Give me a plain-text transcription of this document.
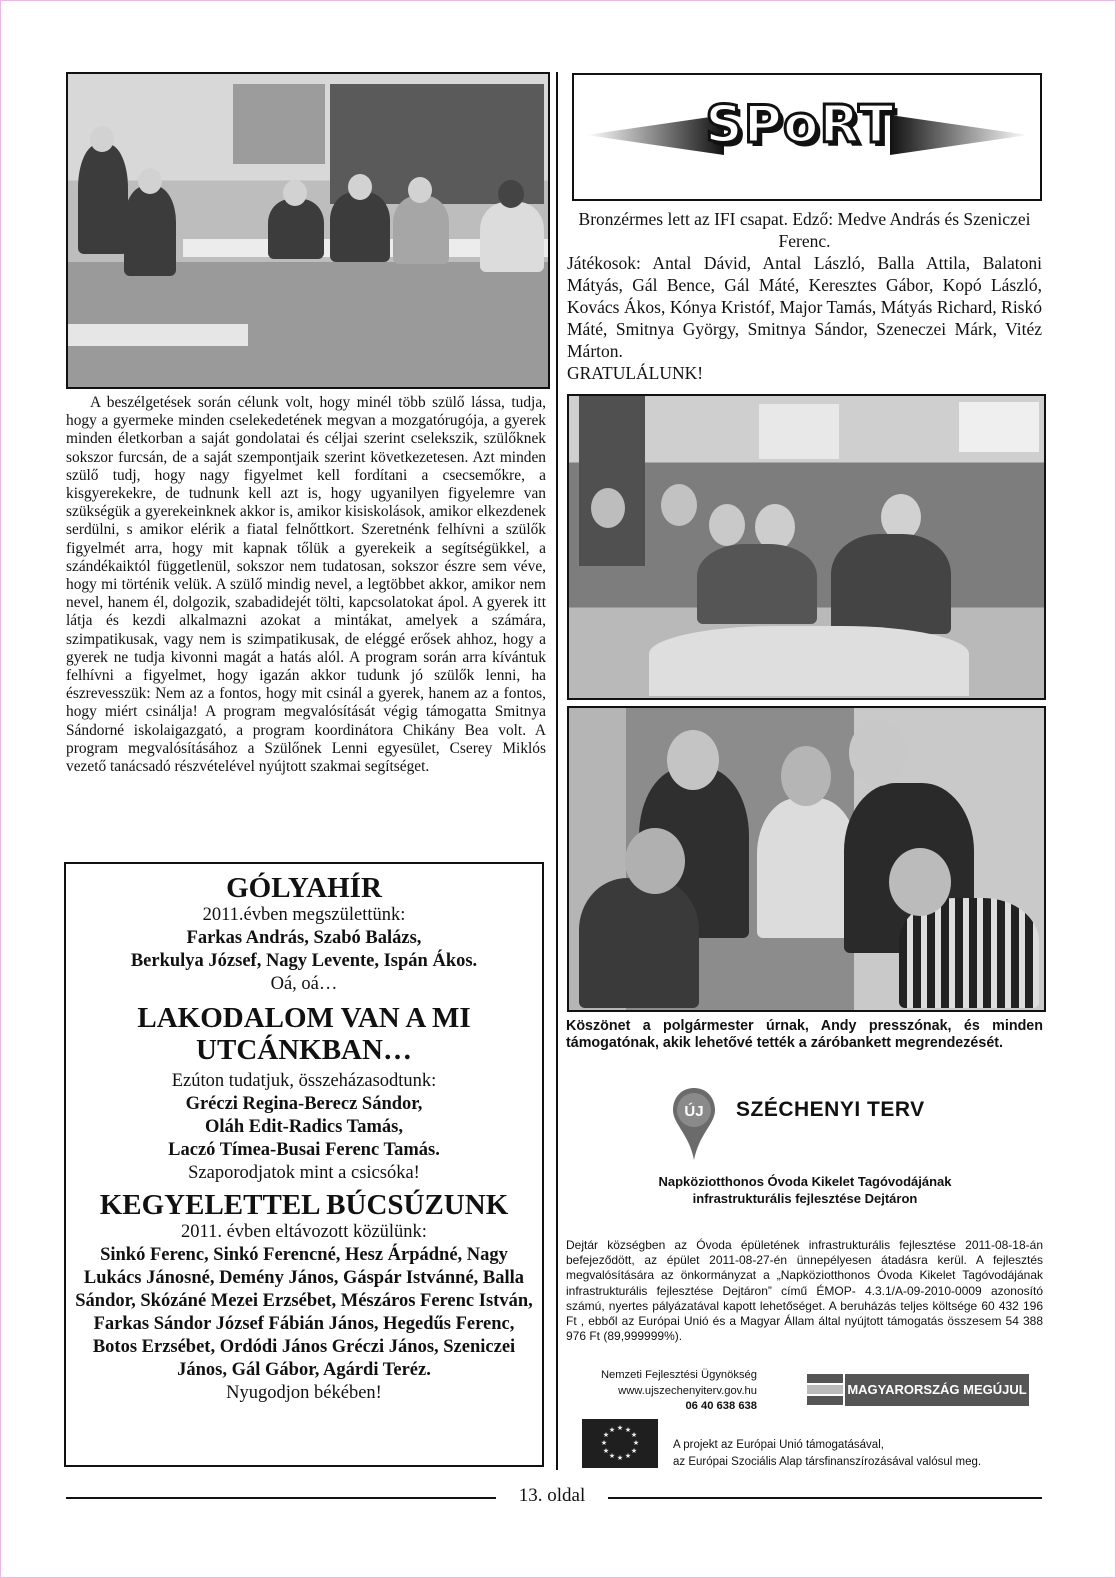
A beszélgetések során célunk volt, hogy minél több szülő lássa, tudja, hogy a gyermeke minden cselekedetének megvan a mozgatórugója, a gyerek minden életkorban a saját gondolatai és céljai szerint cselekszik, szülőknek sokszor furcsán, de a saját szempontjaik szerint következetesen. Azt minden szülő tudj, hogy nagy figyelmet kell fordítani a csecsemőkre, a kisgyerekekre, de tudnunk kell azt is, hogy ugyanilyen figyelemre van szükségük a gyerekeinknek akkor is, amikor kisiskolások, amikor elkezdenek serdülni, s amikor elérik a fiatal felnőttkort. Szeretnénk felhívni a szülők figyelmét arra, hogy mit kapnak tőlük a gyerekeik a segítségükkel, a szándékaiktól függetlenül, sokszor nem tudatosan, sokszor észre sem véve, hogy mi történik velük. A szülő mindig nevel, a legtöbbet akkor, amikor nem nevel, hanem él, dolgozik, szabadidejét tölti, kapcsolatokat ápol. A gyerek itt látja és kezdi alkalmazni azokat a mintákat, amelyek a számára, szimpatikusak, vagy nem is szimpatikusak, de eléggé erősek ahhoz, hogy a gyerek ne tudja kivonni magát a hatás alól. A program során arra kívántuk felhívni a figyelmet, hogy igazán akkor tudunk jó szülők lenni, ha észrevesszük: Nem az a fontos, hogy mit csinál a gyerek, hanem az a fontos, hogy miért csinálja! A program megvalósítását végig támogatta Smitnya Sándorné iskolaigazgató, a program koordinátora Chikány Bea volt. A program megvalósításához a Szülőnek Lenni egyesület, Cserey Miklós vezető tanácsadó részvételével nyújtott szakmai segítséget.

GÓLYAHÍR

2011.évben megszülettünk:

Farkas András, Szabó Balázs,

Berkulya József, Nagy Levente, Ispán Ákos.

Oá, oá…

LAKODALOM VAN A MI UTCÁNKBAN…

Ezúton tudatjuk, összeházasodtunk:

Gréczi Regina-Berecz Sándor,

Oláh Edit-Radics Tamás,

Laczó Tímea-Busai Ferenc Tamás.

Szaporodjatok mint a csicsóka!

KEGYELETTEL BÚCSÚZUNK

2011. évben eltávozott közülünk:

Sinkó Ferenc, Sinkó Ferencné, Hesz Árpádné, Nagy Lukács Jánosné, Demény János, Gáspár Istvánné, Balla Sándor, Skózáné Mezei Erzsébet, Mészáros Ferenc István, Farkas Sándor József Fábián János, Hegedűs Ferenc, Botos Erzsébet, Ordódi János Gréczi János, Szeniczei János, Gál Gábor, Agárdi Teréz.

Nyugodjon békében!

SPoRT
Bronzérmes lett az IFI csapat. Edző: Medve András és Szeniczei Ferenc.
Játékosok: Antal Dávid, Antal László, Balla Attila, Balatoni Mátyás, Gál Bence, Gál Máté, Keresztes Gábor, Kopó László, Kovács Ákos, Kónya Kristóf, Major Tamás, Mátyás Richard, Riskó Máté, Smitnya György, Smitnya Sándor, Szeneczei Márk, Vitéz Márton.
GRATULÁLUNK!

Köszönet a polgármester úrnak, Andy presszónak, és minden támogatónak, akik lehetővé tették a záróbankett megrendezését.

ÚJ SZÉCHENYI TERV
Napköziotthonos Óvoda Kikelet Tagóvodájának
infrastrukturális fejlesztése Dejtáron

Dejtár községben az Óvoda épületének infrastrukturális fejlesztése 2011-08-18-án befejeződött, az épület 2011-08-27-én ünnepélyesen átadásra kerül. A fejlesztés megvalósítására az önkormányzat a „Napköziotthonos Óvoda Kikelet Tagóvodájának infrastrukturális fejlesztése Dejtáron” című ÉMOP- 4.3.1/A-09-2010-0009 azonosító számú, nyertes pályázatával kapott lehetőséget. A beruházás teljes költsége 60 432 196 Ft , ebből az Európai Unió és a Magyar Állam által nyújtott támogatás összesem 54 388 976 Ft (89,999999%).

Nemzeti Fejlesztési Ügynökség
www.ujszechenyiterv.gov.hu
06 40 638 638
MAGYARORSZÁG MEGÚJUL
★ ★
★
★
★
★
★
★
★
★
★
★
A projekt az Európai Unió támogatásával,
az Európai Szociális Alap társfinanszírozásával valósul meg.
13. oldal
